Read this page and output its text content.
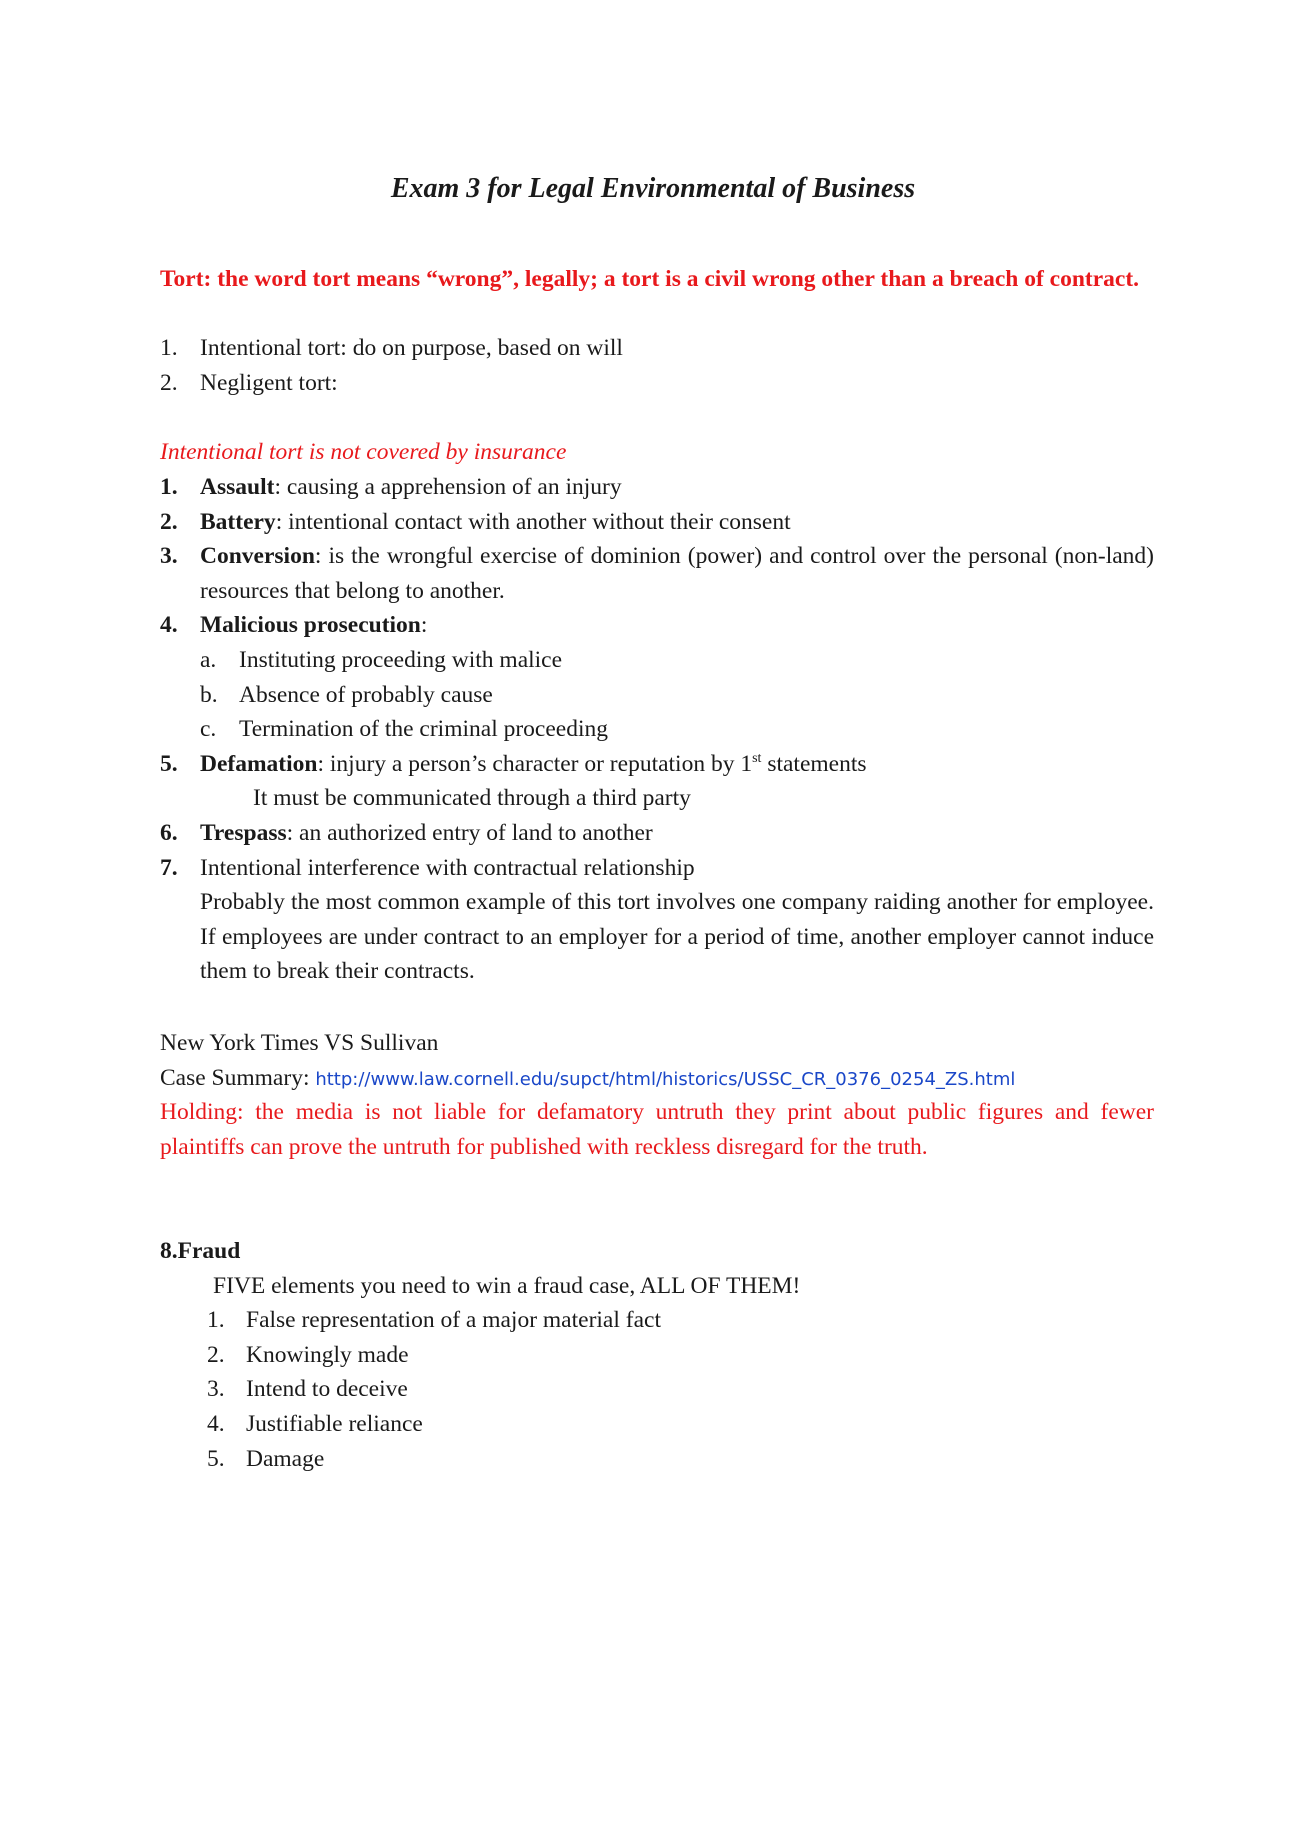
Exam 3 for Legal Environmental of Business
Tort: the word tort means “wrong”, legally; a tort is a civil wrong other than a breach of contract.
1. Intentional tort: do on purpose, based on will
2. Negligent tort:
Intentional tort is not covered by insurance
1. Assault: causing a apprehension of an injury
2. Battery: intentional contact with another without their consent
3. Conversion: is the wrongful exercise of dominion (power) and control over the personal (non-land) resources that belong to another.
4. Malicious prosecution:
a. Instituting proceeding with malice
b. Absence of probably cause
c. Termination of the criminal proceeding
5. Defamation: injury a person’s character or reputation by 1st statements
It must be communicated through a third party
6. Trespass: an authorized entry of land to another
7. Intentional interference with contractual relationship
Probably the most common example of this tort involves one company raiding another for employee. If employees are under contract to an employer for a period of time, another employer cannot induce them to break their contracts.
New York Times VS Sullivan
Case Summary: http://www.law.cornell.edu/supct/html/historics/USSC_CR_0376_0254_ZS.html
Holding: the media is not liable for defamatory untruth they print about public figures and fewer plaintiffs can prove the untruth for published with reckless disregard for the truth.
8.Fraud
FIVE elements you need to win a fraud case, ALL OF THEM!
1. False representation of a major material fact
2. Knowingly made
3. Intend to deceive
4. Justifiable reliance
5. Damage
